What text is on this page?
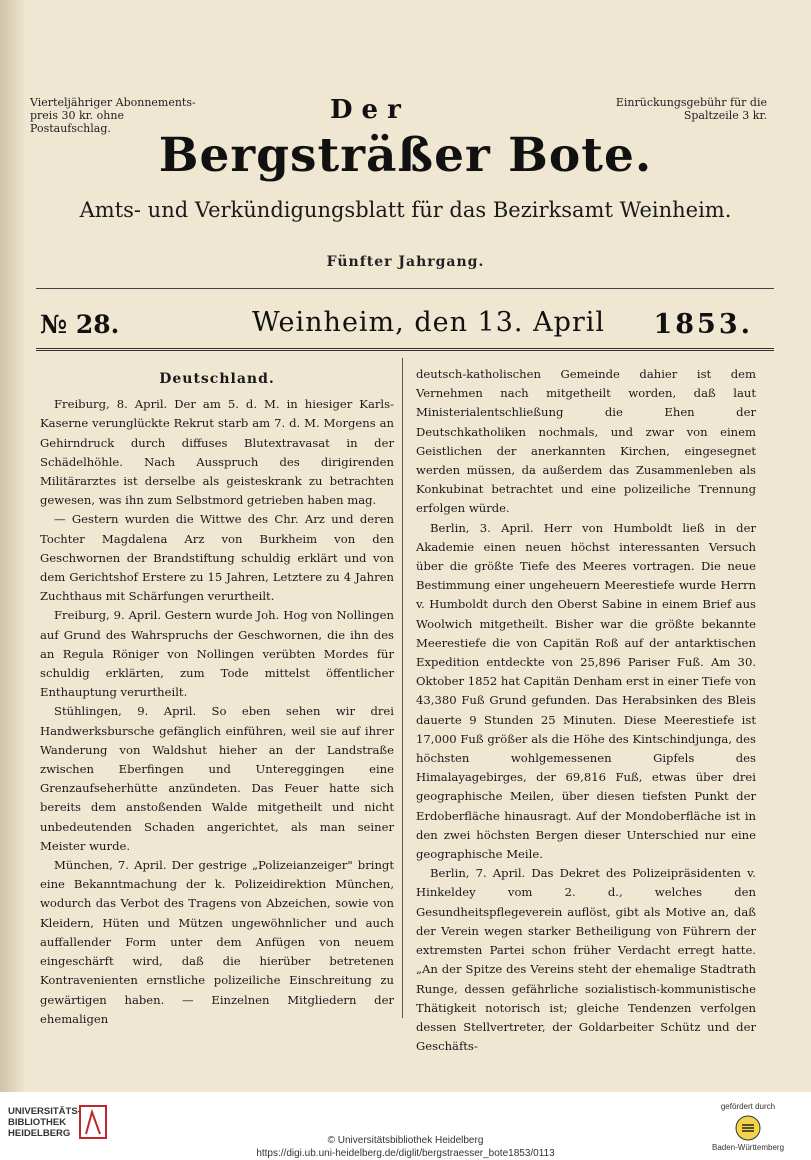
Vierteljähriger Abonnements-preis 30 kr. ohne Postaufschlag.
Der	Einrückungsgebühr für die Spaltzeile 3 kr.
Bergsträßer Bote.
Amts- und Verkündigungsblatt für das Bezirksamt Weinheim.
Fünfter Jahrgang.
№ 28.	Weinheim, den 13. April 1853.
Deutschland.

Freiburg, 8. April. Der am 5. d. M. in hiesiger Karls-Kaserne verunglückte Rekrut starb am 7. d. M. Morgens an Gehirndruck durch diffuses Blutextravasat in der Schädelhöhle. Nach Ausspruch des dirigirenden Militärarztes ist derselbe als geisteskrank zu betrachten gewesen, was ihn zum Selbstmord getrieben haben mag.

— Gestern wurden die Wittwe des Chr. Arz und deren Tochter Magdalena Arz von Burkheim von den Geschwornen der Brandstiftung schuldig erklärt und von dem Gerichtshof Erstere zu 15 Jahren, Letztere zu 4 Jahren Zuchthaus mit Schärfungen verurtheilt.

Freiburg, 9. April. Gestern wurde Joh. Hog von Nollingen auf Grund des Wahrspruchs der Geschwornen, die ihn des an Regula Röniger von Nollingen verübten Mordes für schuldig erklärten, zum Tode mittelst öffentlicher Enthauptung verurtheilt.

Stühlingen, 9. April. So eben sehen wir drei Handwerksbursche gefänglich einführen, weil sie auf ihrer Wanderung von Waldshut hieher an der Landstraße zwischen Eberfingen und Untereggingen eine Grenzaufseherhütte anzündeten. Das Feuer hatte sich bereits dem anstoßenden Walde mitgetheilt und nicht unbedeutenden Schaden angerichtet, als man seiner Meister wurde.

München, 7. April. Der gestrige „Polizeianzeiger" bringt eine Bekanntmachung der k. Polizeidirektion München, wodurch das Verbot des Tragens von Abzeichen, sowie von Kleidern, Hüten und Mützen ungewöhnlicher und auch auffallender Form unter dem Anfügen von neuem eingeschärft wird, daß die hierüber betretenen Kontravenienten ernstliche polizeiliche Einschreitung zu gewärtigen haben. — Einzelnen Mitgliedern der ehemaligen

deutsch-katholischen Gemeinde dahier ist dem Vernehmen nach mitgetheilt worden, daß laut Ministerialentschließung die Ehen der Deutschkatholiken nochmals, und zwar von einem Geistlichen der anerkannten Kirchen, eingesegnet werden müssen, da außerdem das Zusammenleben als Konkubinat betrachtet und eine polizeiliche Trennung erfolgen würde.

Berlin, 3. April. Herr von Humboldt ließ in der Akademie einen neuen höchst interessanten Versuch über die größte Tiefe des Meeres vortragen. Die neue Bestimmung einer ungeheuern Meerestiefe wurde Herrn v. Humboldt durch den Oberst Sabine in einem Brief aus Woolwich mitgetheilt. Bisher war die größte bekannte Meerestiefe die von Capitän Roß auf der antarktischen Expedition entdeckte von 25,896 Pariser Fuß. Am 30. Oktober 1852 hat Capitän Denham erst in einer Tiefe von 43,380 Fuß Grund gefunden. Das Herabsinken des Bleis dauerte 9 Stunden 25 Minuten. Diese Meerestiefe ist 17,000 Fuß größer als die Höhe des Kintschindjunga, des höchsten wohlgemessenen Gipfels des Himalayagebirges, der 69,816 Fuß, etwas über drei geographische Meilen, über diesen tiefsten Punkt der Erdoberfläche hinausragt. Auf der Mondoberfläche ist in den zwei höchsten Bergen dieser Unterschied nur eine geographische Meile.

Berlin, 7. April. Das Dekret des Polizeipräsidenten v. Hinkeldey vom 2. d., welches den Gesundheitspflegeverein auflöst, gibt als Motive an, daß der Verein wegen starker Betheiligung von Führern der extremsten Partei schon früher Verdacht erregt hatte. „An der Spitze des Vereins steht der ehemalige Stadtrath Runge, dessen gefährliche sozialistisch-kommunistische Thätigkeit notorisch ist; gleiche Tendenzen verfolgen dessen Stellvertreter, der Goldarbeiter Schütz und der Geschäfts-

UNIVERSITÄTS-BIBLIOTHEK HEIDELBERG
© Universitätsbibliothek Heidelberg
https://digi.ub.uni-heidelberg.de/diglit/bergstraesser_bote1853/0113
gefördert durch
Baden-Württemberg
